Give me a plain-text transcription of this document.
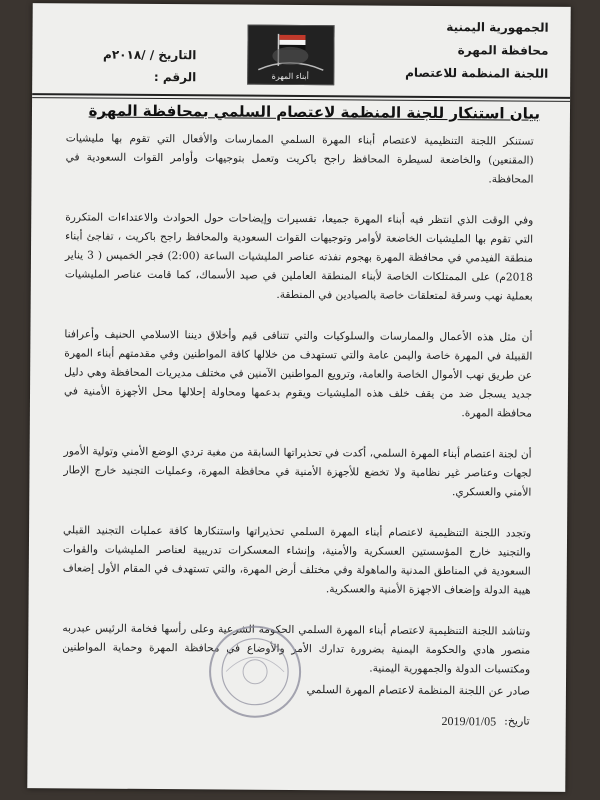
الجمهورية اليمنية
محافظة المهرة
اللجنة المنظمة للاعتصام
أبناء المهرة
التاريخ / /٢٠١٨م
الرقم :
بيان استنكار للجنة المنظمة لاعتصام السلمي بمحافظة المهرة

تستنكر اللجنة التنظيمية لاعتصام أبناء المهرة السلمي الممارسات والأفعال التي تقوم بها مليشيات (المقنعين) والخاضعة لسيطرة المحافظ راجح باكريت وتعمل بتوجيهات وأوامر القوات السعودية في المحافظة.

وفي الوقت الذي انتظر فيه أبناء المهرة جميعا، تفسيرات وإيضاحات حول الحوادث والاعتداءات المتكررة التي تقوم بها المليشيات الخاضعة لأوامر وتوجيهات القوات السعودية والمحافظ راجح باكريت ، تفاجئ أبناء منطقة الفيدمي في محافظة المهرة بهجوم نفذته عناصر المليشيات الساعة (2:00) فجر الخميس ( 3 يناير 2018م) على الممتلكات الخاصة لأبناء المنطقة العاملين في صيد الأسماك، كما قامت عناصر المليشيات بعملية نهب وسرقة لمتعلقات خاصة بالصيادين في المنطقة.

أن مثل هذه الأعمال والممارسات والسلوكيات والتي تتنافى قيم وأخلاق ديننا الاسلامي الحنيف وأعرافنا القبيلة في المهرة خاصة واليمن عامة والتي تستهدف من خلالها كافة المواطنين وفي مقدمتهم أبناء المهرة عن طريق نهب الأموال الخاصة والعامة، وترويع المواطنين الآمنين في مختلف مديريات المحافظة وهي دليل جديد يسجل ضد من يقف خلف هذه المليشيات ويقوم بدعمها ومحاولة إحلالها محل الأجهزة الأمنية في محافظة المهرة.

أن لجنة اعتصام أبناء المهرة السلمي، أكدت في تحذيراتها السابقة من مغبة تردي الوضع الأمني وتولية الأمور لجهات وعناصر غير نظامية ولا تخضع للأجهزة الأمنية في محافظة المهرة، وعمليات التجنيد خارج الإطار الأمني والعسكري.

وتجدد اللجنة التنظيمية لاعتصام أبناء المهرة السلمي تحذيراتها واستنكارها كافة عمليات التجنيد القبلي والتجنيد خارج المؤسستين العسكرية والأمنية، وإنشاء المعسكرات تدريبية لعناصر المليشيات والقوات السعودية في المناطق المدنية والماهولة وفي مختلف أرض المهرة، والتي تستهدف في المقام الأول إضعاف هيبة الدولة وإضعاف الاجهزة الأمنية والعسكرية.

وتناشد اللجنة التنظيمية لاعتصام أبناء المهرة السلمي الحكومة الشرعية وعلى رأسها فخامة الرئيس عبدربه منصور هادي والحكومة اليمنية بضرورة تدارك الأمر والأوضاع في محافظة المهرة وحماية المواطنين ومكتسبات الدولة والجمهورية اليمنية.

صادر عن اللجنة المنظمة لاعتصام المهرة السلمي
تاريخ:
2019/01/05
